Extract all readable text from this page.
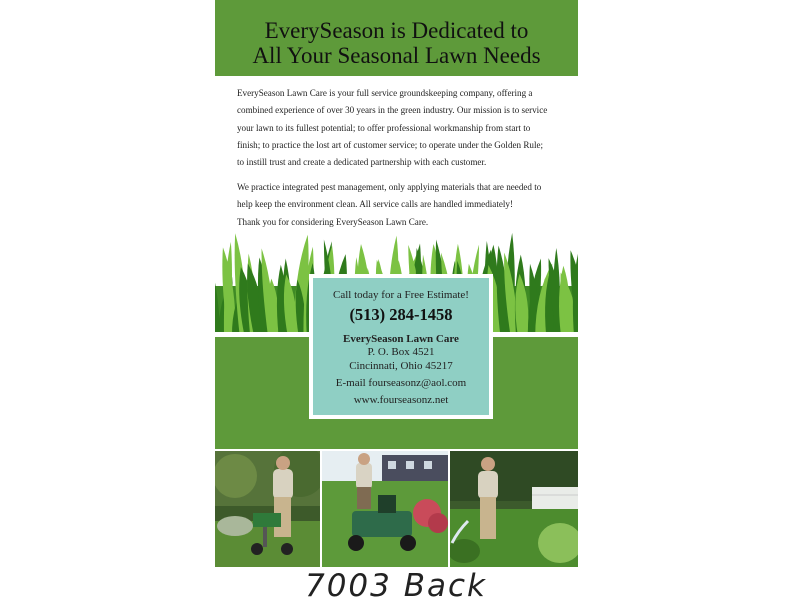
EverySeason is Dedicated to
All Your Seasonal Lawn Needs
EverySeason Lawn Care is your full service groundskeeping company, offering a
combined experience of over 30 years in the green industry. Our mission is to service
your lawn to its fullest potential; to offer professional workmanship from start to
finish; to practice the lost art of customer service; to operate under the Golden Rule;
to instill trust and create a dedicated partnership with each customer.
We practice integrated pest management, only applying materials that are needed to
help keep the environment clean. All service calls are handled immediately!
Thank you for considering EverySeason Lawn Care.
Call today for a Free Estimate!
(513) 284-1458
EverySeason Lawn Care
P. O. Box 4521
Cincinnati, Ohio 45217
E-mail fourseasonz@aol.com
www.fourseasonz.net
7003 Back
